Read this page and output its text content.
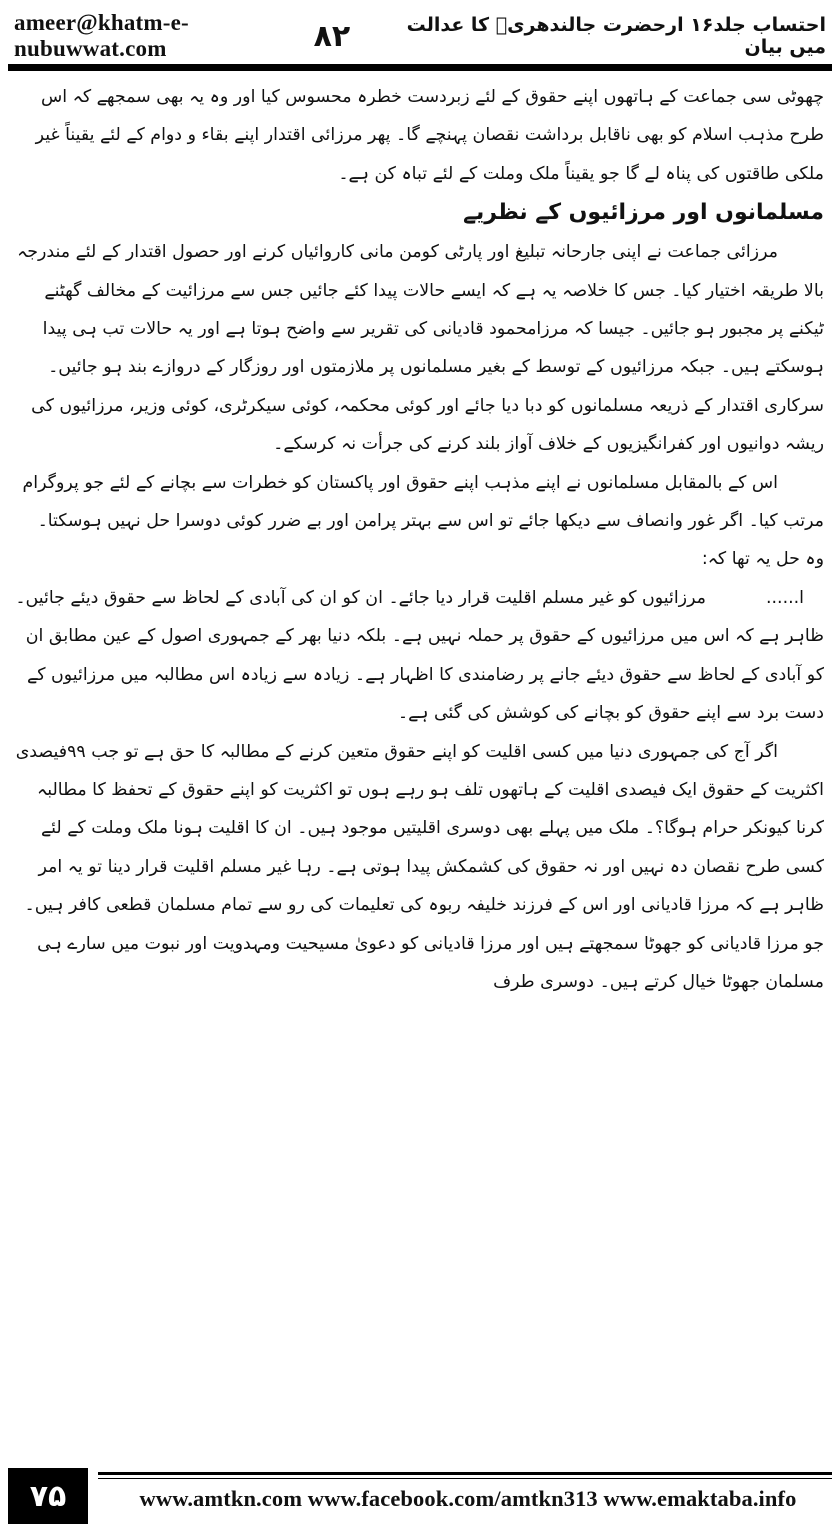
ameer@khatm-e-nubuwwat.com
احتساب جلد۱۶ ارحضرت جالندھریؒ کا عدالت میں بیان
۸۲

چھوٹی سی جماعت کے ہاتھوں اپنے حقوق کے لئے زبردست خطرہ محسوس کیا اور وہ یہ بھی سمجھے کہ اس طرح مذہب اسلام کو بھی ناقابل برداشت نقصان پہنچے گا۔ پھر مرزائی اقتدار اپنے بقاء و دوام کے لئے یقیناً غیر ملکی طاقتوں کی پناہ لے گا جو یقیناً ملک وملت کے لئے تباہ کن ہے۔

مسلمانوں اور مرزائیوں کے نظریے

مرزائی جماعت نے اپنی جارحانہ تبلیغ اور پارٹی کومن مانی کاروائیاں کرنے اور حصول اقتدار کے لئے مندرجہ بالا طریقہ اختیار کیا۔ جس کا خلاصہ یہ ہے کہ ایسے حالات پیدا کئے جائیں جس سے مرزائیت کے مخالف گھٹنے ٹیکنے پر مجبور ہو جائیں۔ جیسا کہ مرزامحمود قادیانی کی تقریر سے واضح ہوتا ہے اور یہ حالات تب ہی پیدا ہوسکتے ہیں۔ جبکہ مرزائیوں کے توسط کے بغیر مسلمانوں پر ملازمتوں اور روزگار کے دروازے بند ہو جائیں۔ سرکاری اقتدار کے ذریعہ مسلمانوں کو دبا دیا جائے اور کوئی محکمہ، کوئی سیکرٹری، کوئی وزیر، مرزائیوں کی ریشہ دوانیوں اور کفرانگیزیوں کے خلاف آواز بلند کرنے کی جرأت نہ کرسکے۔

اس کے بالمقابل مسلمانوں نے اپنے مذہب اپنے حقوق اور پاکستان کو خطرات سے بچانے کے لئے جو پروگرام مرتب کیا۔ اگر غور وانصاف سے دیکھا جائے تو اس سے بہتر پرامن اور بے ضرر کوئی دوسرا حل نہیں ہوسکتا۔ وہ حل یہ تھا کہ:

ا......مرزائیوں کو غیر مسلم اقلیت قرار دیا جائے۔ ان کو ان کی آبادی کے لحاظ سے حقوق دیئے جائیں۔ ظاہر ہے کہ اس میں مرزائیوں کے حقوق پر حملہ نہیں ہے۔ بلکہ دنیا بھر کے جمہوری اصول کے عین مطابق ان کو آبادی کے لحاظ سے حقوق دیئے جانے پر رضامندی کا اظہار ہے۔ زیادہ سے زیادہ اس مطالبہ میں مرزائیوں کے دست برد سے اپنے حقوق کو بچانے کی کوشش کی گئی ہے۔

اگر آج کی جمہوری دنیا میں کسی اقلیت کو اپنے حقوق متعین کرنے کے مطالبہ کا حق ہے تو جب ۹۹فیصدی اکثریت کے حقوق ایک فیصدی اقلیت کے ہاتھوں تلف ہو رہے ہوں تو اکثریت کو اپنے حقوق کے تحفظ کا مطالبہ کرنا کیونکر حرام ہوگا؟۔ ملک میں پہلے بھی دوسری اقلیتیں موجود ہیں۔ ان کا اقلیت ہونا ملک وملت کے لئے کسی طرح نقصان دہ نہیں اور نہ حقوق کی کشمکش پیدا ہوتی ہے۔ رہا غیر مسلم اقلیت قرار دینا تو یہ امر ظاہر ہے کہ مرزا قادیانی اور اس کے فرزند خلیفہ ربوہ کی تعلیمات کی رو سے تمام مسلمان قطعی کافر ہیں۔ جو مرزا قادیانی کو جھوٹا سمجھتے ہیں اور مرزا قادیانی کو دعویٰ مسیحیت ومہدویت اور نبوت میں سارے ہی مسلمان جھوٹا خیال کرتے ہیں۔ دوسری طرف

۷۵	www.amtkn.com www.facebook.com/amtkn313 www.emaktaba.info
